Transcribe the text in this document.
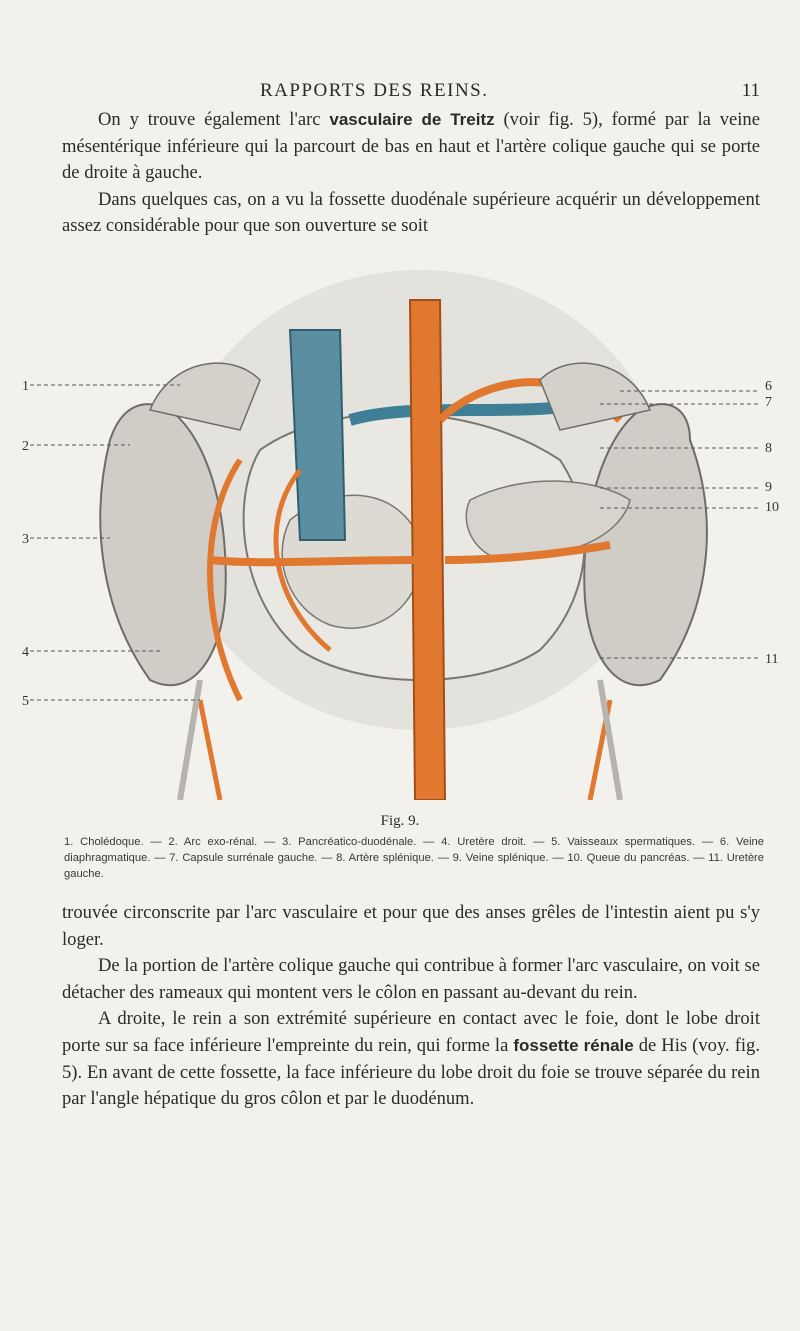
RAPPORTS DES REINS.	11

On y trouve également l'arc vasculaire de Treitz (voir fig. 5), formé par la veine mésentérique inférieure qui la parcourt de bas en haut et l'artère colique gauche qui se porte de droite à gauche.

Dans quelques cas, on a vu la fossette duodénale supérieure acquérir un développement assez considérable pour que son ouverture se soit

1
2
3
4
5
6
7
8
9
10
11
Fig. 9.

1. Cholédoque. — 2. Arc exo-rénal. — 3. Pancréatico-duodénale. — 4. Uretère droit. — 5. Vaisseaux spermatiques. — 6. Veine diaphragmatique. — 7. Capsule surrénale gauche. — 8. Artère splénique. — 9. Veine splénique. — 10. Queue du pancréas. — 11. Uretère gauche.

trouvée circonscrite par l'arc vasculaire et pour que des anses grêles de l'intestin aient pu s'y loger.

De la portion de l'artère colique gauche qui contribue à former l'arc vasculaire, on voit se détacher des rameaux qui montent vers le côlon en passant au-devant du rein.

A droite, le rein a son extrémité supérieure en contact avec le foie, dont le lobe droit porte sur sa face inférieure l'empreinte du rein, qui forme la fossette rénale de His (voy. fig. 5). En avant de cette fossette, la face inférieure du lobe droit du foie se trouve séparée du rein par l'angle hépatique du gros côlon et par le duodénum.
